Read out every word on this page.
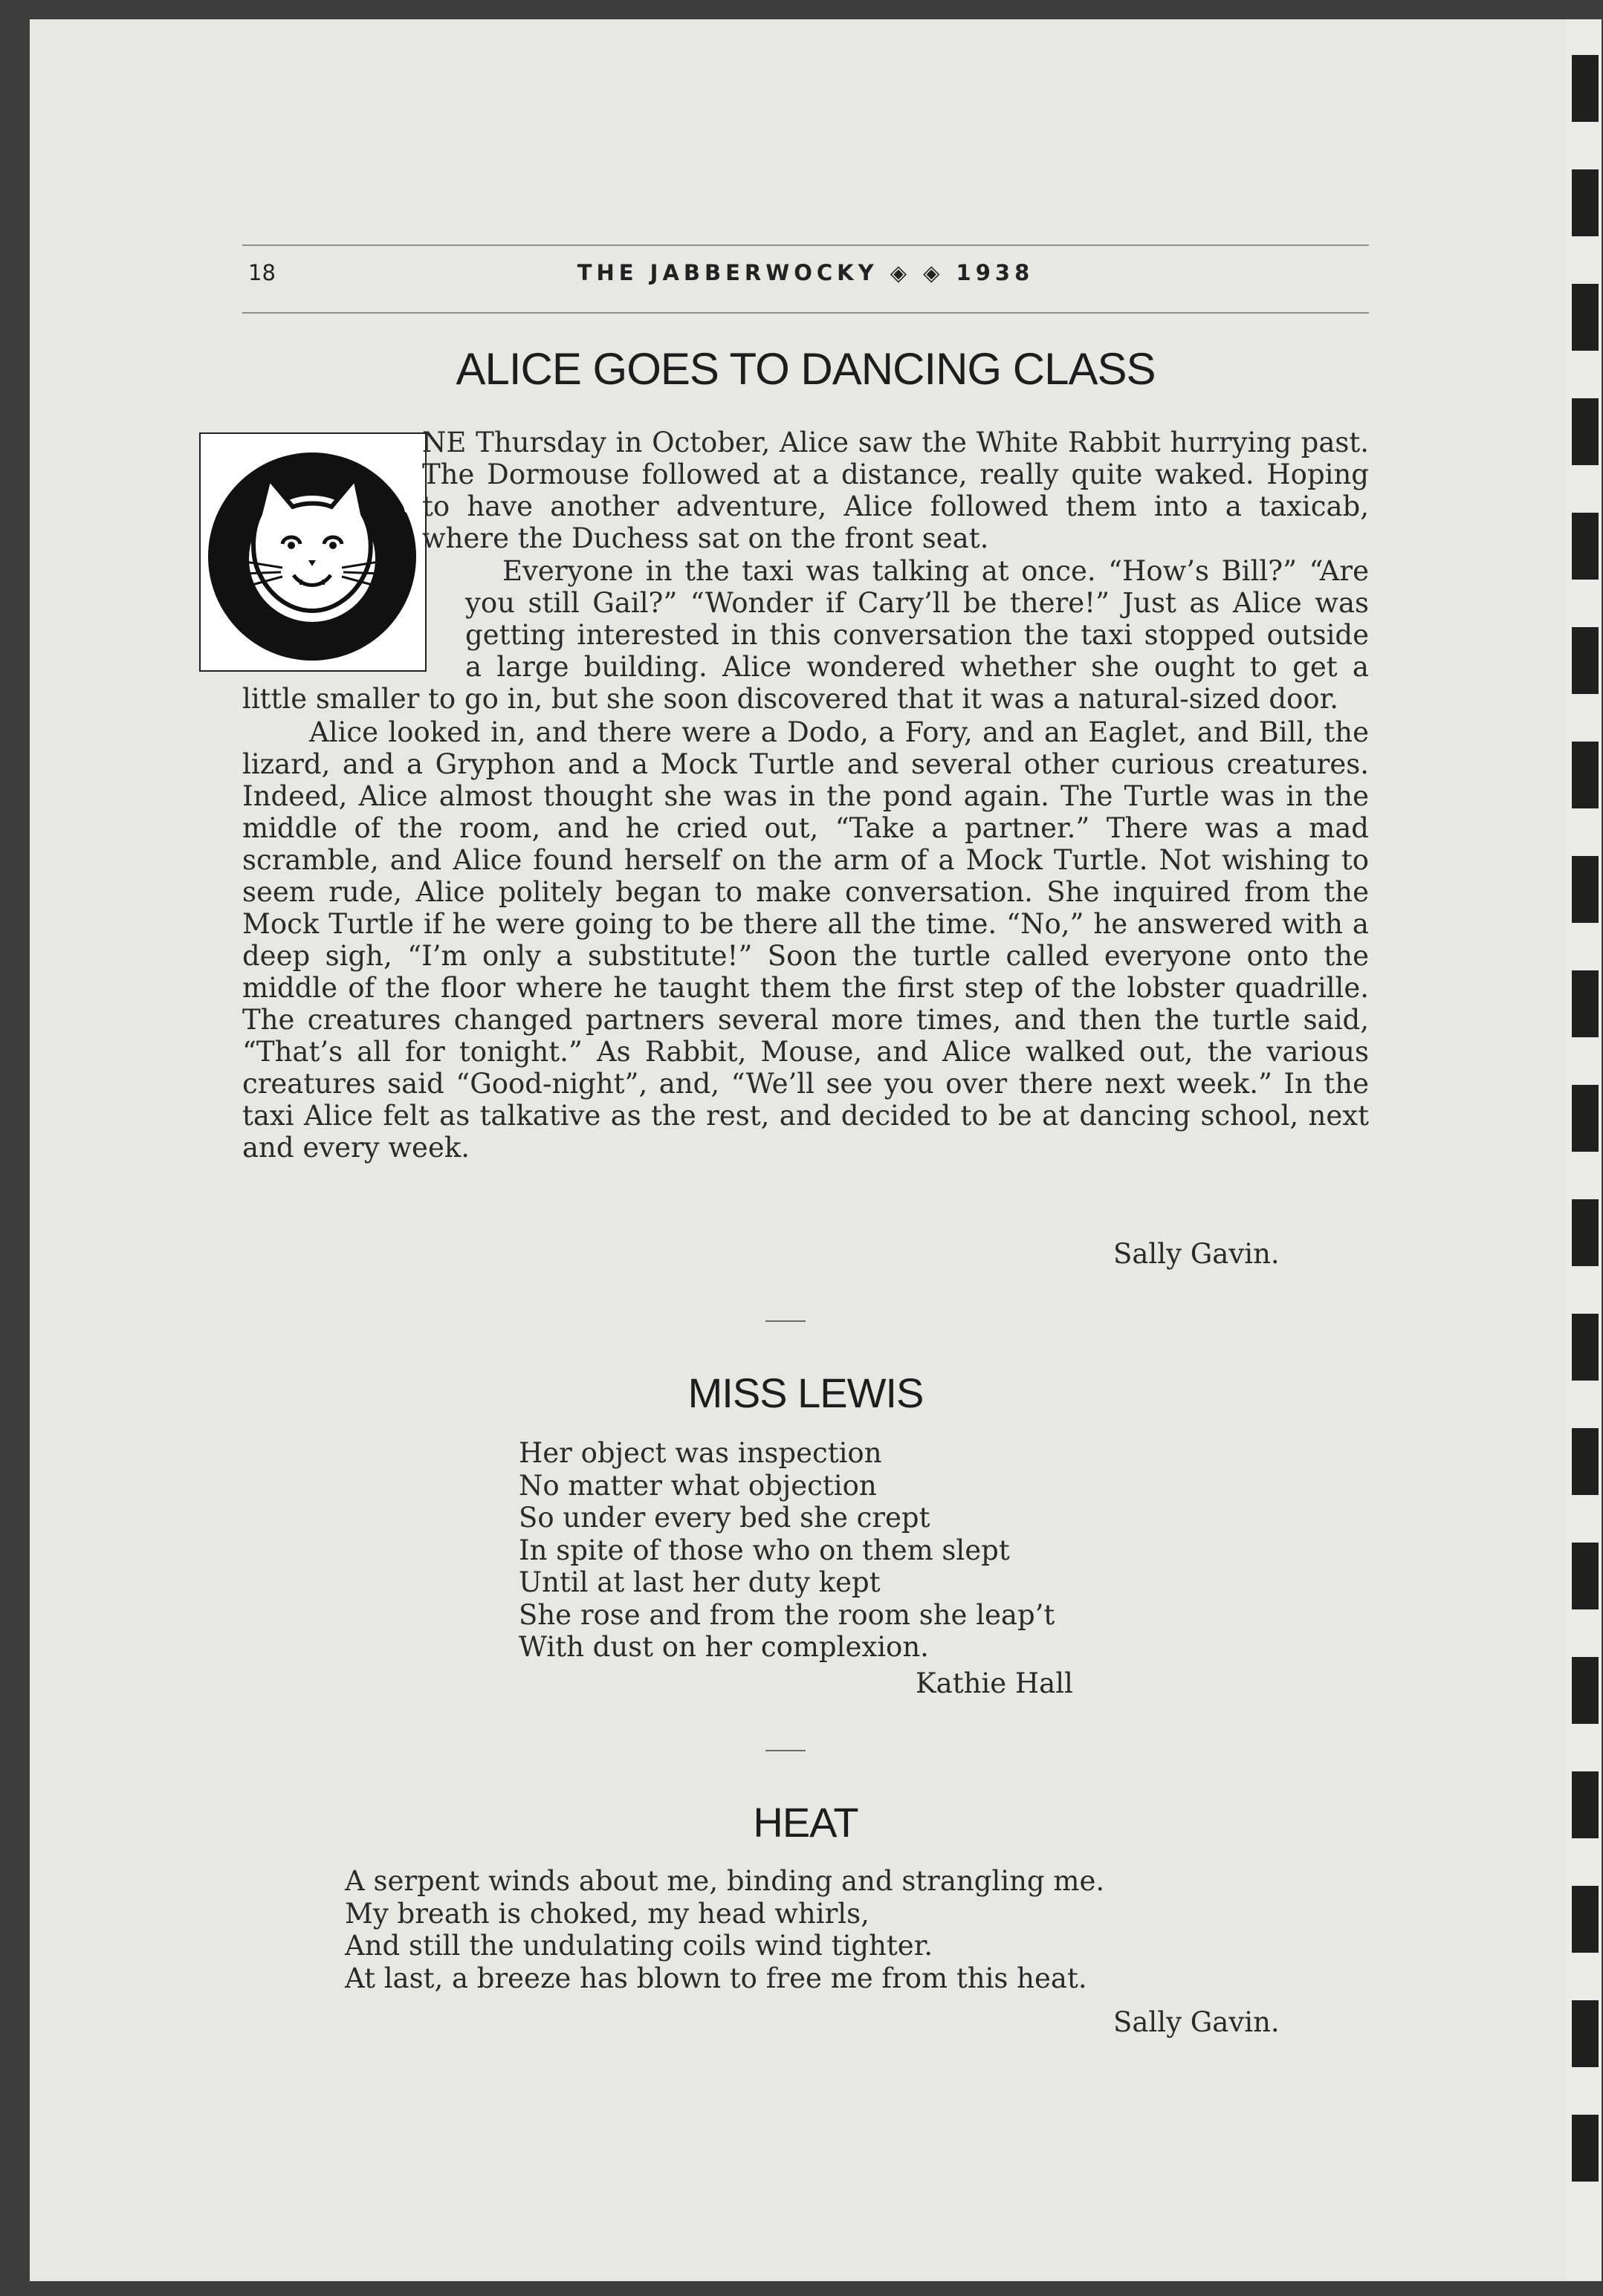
18	THE JABBERWOCKY ◈ ◈ 1938
ALICE GOES TO DANCING CLASS

NE Thursday in October, Alice saw the White Rabbit hurrying past. The Dormouse followed at a distance, really quite waked. Hoping to have another adventure, Alice followed them into a taxicab, where the Duchess sat on the front seat.

Everyone in the taxi was talking at once. “How’s Bill?” “Are you still Gail?” “Wonder if Cary’ll be there!” Just as Alice was getting interested in this conversation the taxi stopped outside a large building. Alice wondered whether she ought to get a little smaller to go in, but she soon discovered that it was a natural-sized door.

Alice looked in, and there were a Dodo, a Fory, and an Eaglet, and Bill, the lizard, and a Gryphon and a Mock Turtle and several other curious creatures. Indeed, Alice almost thought she was in the pond again. The Turtle was in the middle of the room, and he cried out, “Take a partner.” There was a mad scramble, and Alice found herself on the arm of a Mock Turtle. Not wishing to seem rude, Alice politely began to make conversation. She inquired from the Mock Turtle if he were going to be there all the time. “No,” he answered with a deep sigh, “I’m only a substitute!” Soon the turtle called everyone onto the middle of the floor where he taught them the first step of the lobster quadrille. The creatures changed partners several more times, and then the turtle said, “That’s all for tonight.” As Rabbit, Mouse, and Alice walked out, the various creatures said “Good-night”, and, “We’ll see you over there next week.” In the taxi Alice felt as talkative as the rest, and decided to be at dancing school, next and every week.

Sally Gavin.
MISS LEWIS
Her object was inspection
No matter what objection
So under every bed she crept
In spite of those who on them slept
Until at last her duty kept
She rose and from the room she leap’t
With dust on her complexion.
Kathie Hall
HEAT
A serpent winds about me, binding and strangling me.
My breath is choked, my head whirls,
And still the undulating coils wind tighter.
At last, a breeze has blown to free me from this heat.
Sally Gavin.
